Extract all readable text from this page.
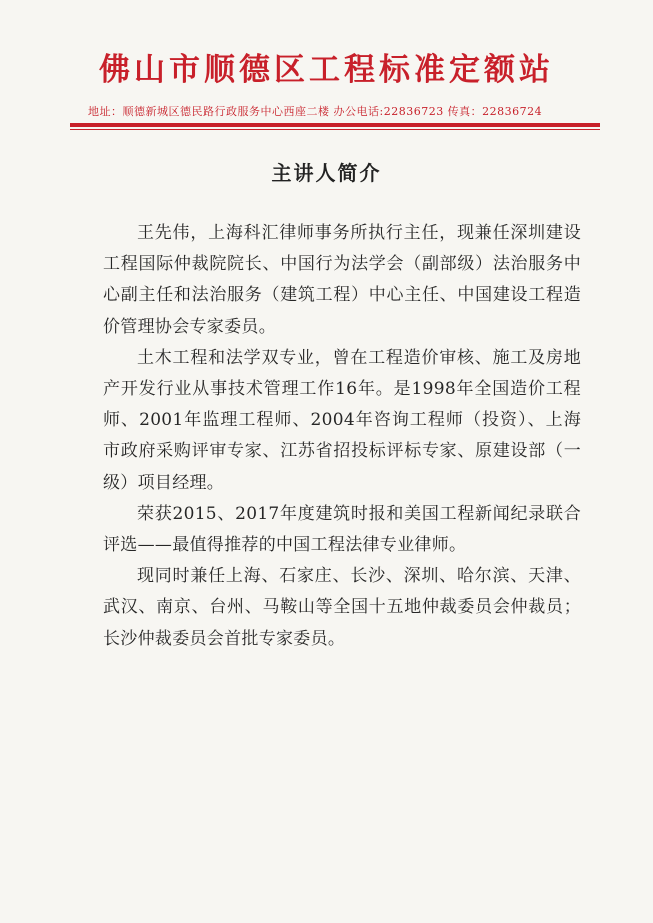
佛山市顺德区工程标准定额站
地址：顺德新城区德民路行政服务中心西座二楼 办公电话:22836723 传真：22836724
主讲人简介

王先伟，上海科汇律师事务所执行主任，现兼任深圳建设工程国际仲裁院院长、中国行为法学会（副部级）法治服务中心副主任和法治服务（建筑工程）中心主任、中国建设工程造价管理协会专家委员。

土木工程和法学双专业，曾在工程造价审核、施工及房地产开发行业从事技术管理工作16年。是1998年全国造价工程师、2001年监理工程师、2004年咨询工程师（投资）、上海市政府采购评审专家、江苏省招投标评标专家、原建设部（一级）项目经理。

荣获2015、2017年度建筑时报和美国工程新闻纪录联合评选——最值得推荐的中国工程法律专业律师。

现同时兼任上海、石家庄、长沙、深圳、哈尔滨、天津、武汉、南京、台州、马鞍山等全国十五地仲裁委员会仲裁员；长沙仲裁委员会首批专家委员。
